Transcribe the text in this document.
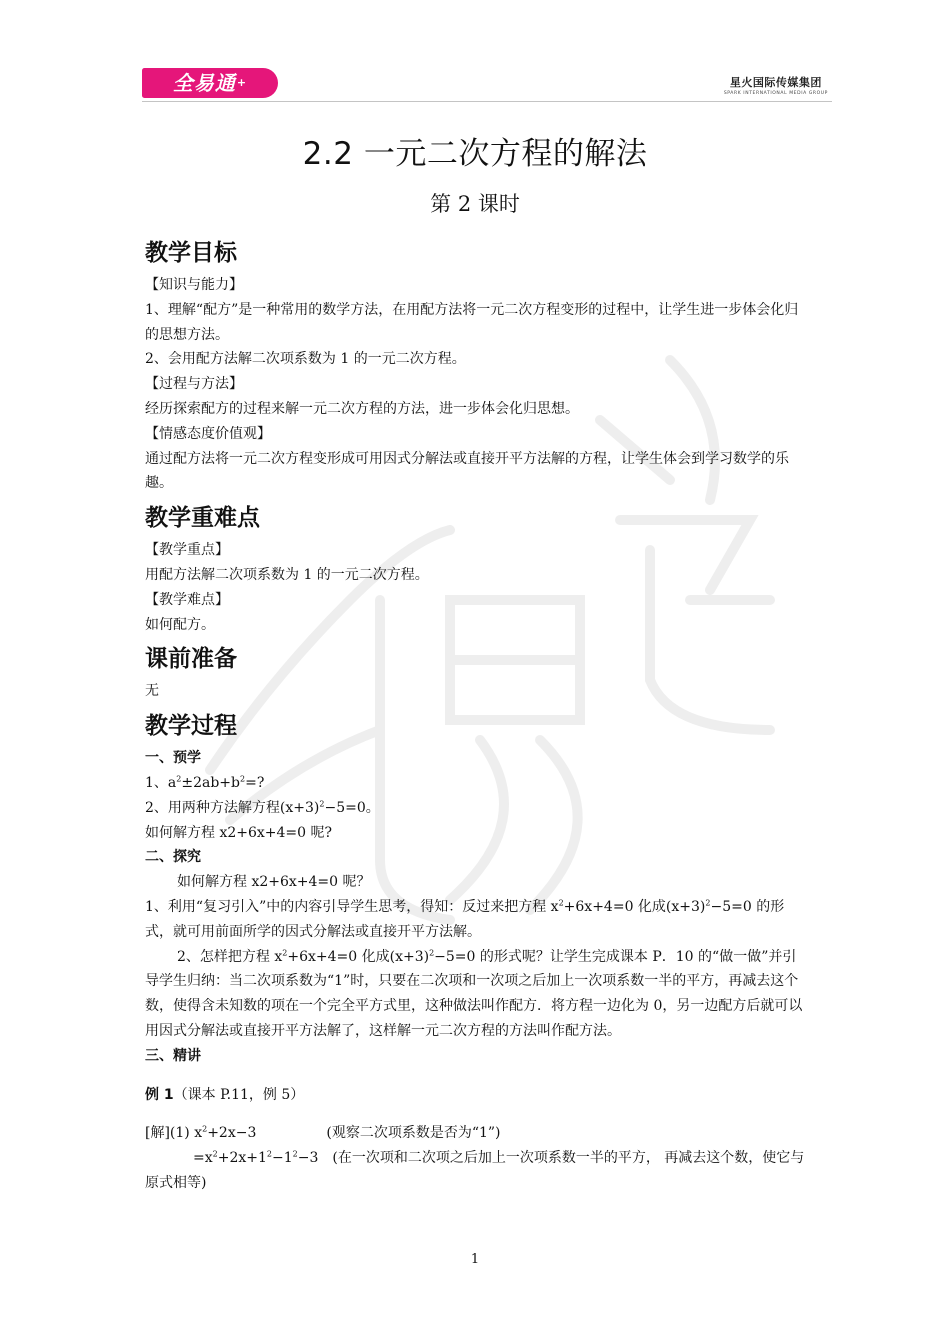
全易通+	星火国际传媒集团
SPARK INTERNATIONAL MEDIA GROUP
2.2 一元二次方程的解法
第 2 课时
教学目标

【知识与能力】

1、理解“配方”是一种常用的数学方法，在用配方法将一元二次方程变形的过程中，让学生进一步体会化归的思想方法。

2、会用配方法解二次项系数为 1 的一元二次方程。

【过程与方法】

经历探索配方的过程来解一元二次方程的方法，进一步体会化归思想。

【情感态度价值观】

通过配方法将一元二次方程变形成可用因式分解法或直接开平方法解的方程，让学生体会到学习数学的乐趣。

教学重难点

【教学重点】

用配方法解二次项系数为 1 的一元二次方程。

【教学难点】

如何配方。

课前准备

无

教学过程
一、预学

1、$a^2\pm 2ab+b^2=$?

2、用两种方法解方程$(x+3)^2-5=0$。

如何解方程 x2+6x+4=0 呢?

二、探究

如何解方程 x2+6x+4=0 呢？

1、利用“复习引入”中的内容引导学生思考，得知：反过来把方程 $x^2+6x+4=0$ 化成$(x+3)^2-5=0$ 的形式，就可用前面所学的因式分解法或直接开平方法解。

2、怎样把方程 $x^2+6x+4=0$ 化成$(x+3)^2-5=0$ 的形式呢？让学生完成课本 P．10 的“做一做”并引导学生归纳：当二次项系数为“1”时，只要在二次项和一次项之后加上一次项系数一半的平方，再减去这个数，使得含未知数的项在一个完全平方式里，这种做法叫作配方．将方程一边化为 0，另一边配方后就可以用因式分解法或直接开平方法解了，这样解一元二次方程的方法叫作配方法。

三、精讲

例 1（课本 P.11，例 5）

[解](1) $x^2+2x-3$	(观察二次项系数是否为“1”)

$=x^2+2x+1^2-1^2-3$ (在一次项和二次项之后加上一次项系数一半的平方， 再减去这个数，使它与原式相等)

1
